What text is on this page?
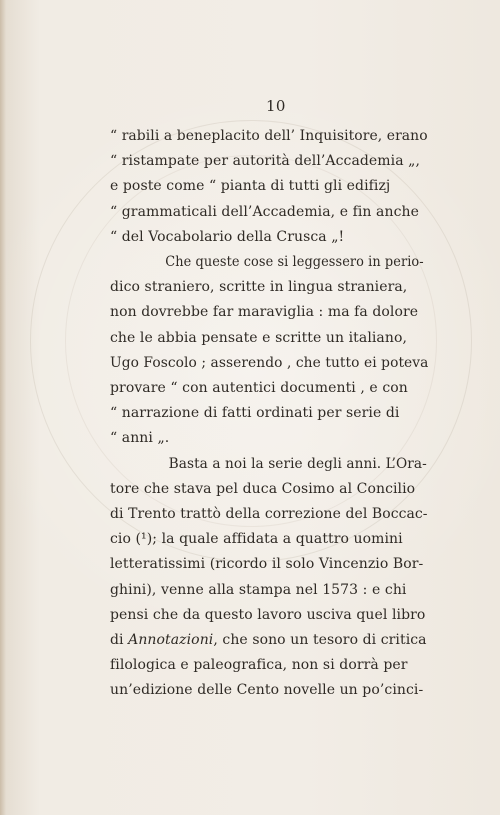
10
“ rabili a beneplacito dell’ Inquisitore, erano
“ ristampate per autorità dell’Accademia „,
e poste come “ pianta di tutti gli edifizj
“ grammaticali dell’Accademia, e fin anche
“ del Vocabolario della Crusca „!
Che queste cose si leggessero in perio-
dico straniero, scritte in lingua straniera,
non dovrebbe far maraviglia : ma fa dolore
che le abbia pensate e scritte un italiano,
Ugo Foscolo ; asserendo , che tutto ei poteva
provare “ con autentici documenti , e con
“ narrazione di fatti ordinati per serie di
“ anni „.
Basta a noi la serie degli anni. L’Ora-
tore che stava pel duca Cosimo al Concilio
di Trento trattò della correzione del Boccac-
cio (¹); la quale affidata a quattro uomini
letteratissimi (ricordo il solo Vincenzio Bor-
ghini), venne alla stampa nel 1573 : e chi
pensi che da questo lavoro usciva quel libro
di Annotazioni, che sono un tesoro di critica
filologica e paleografica, non si dorrà per
un’edizione delle Cento novelle un po’cinci-
